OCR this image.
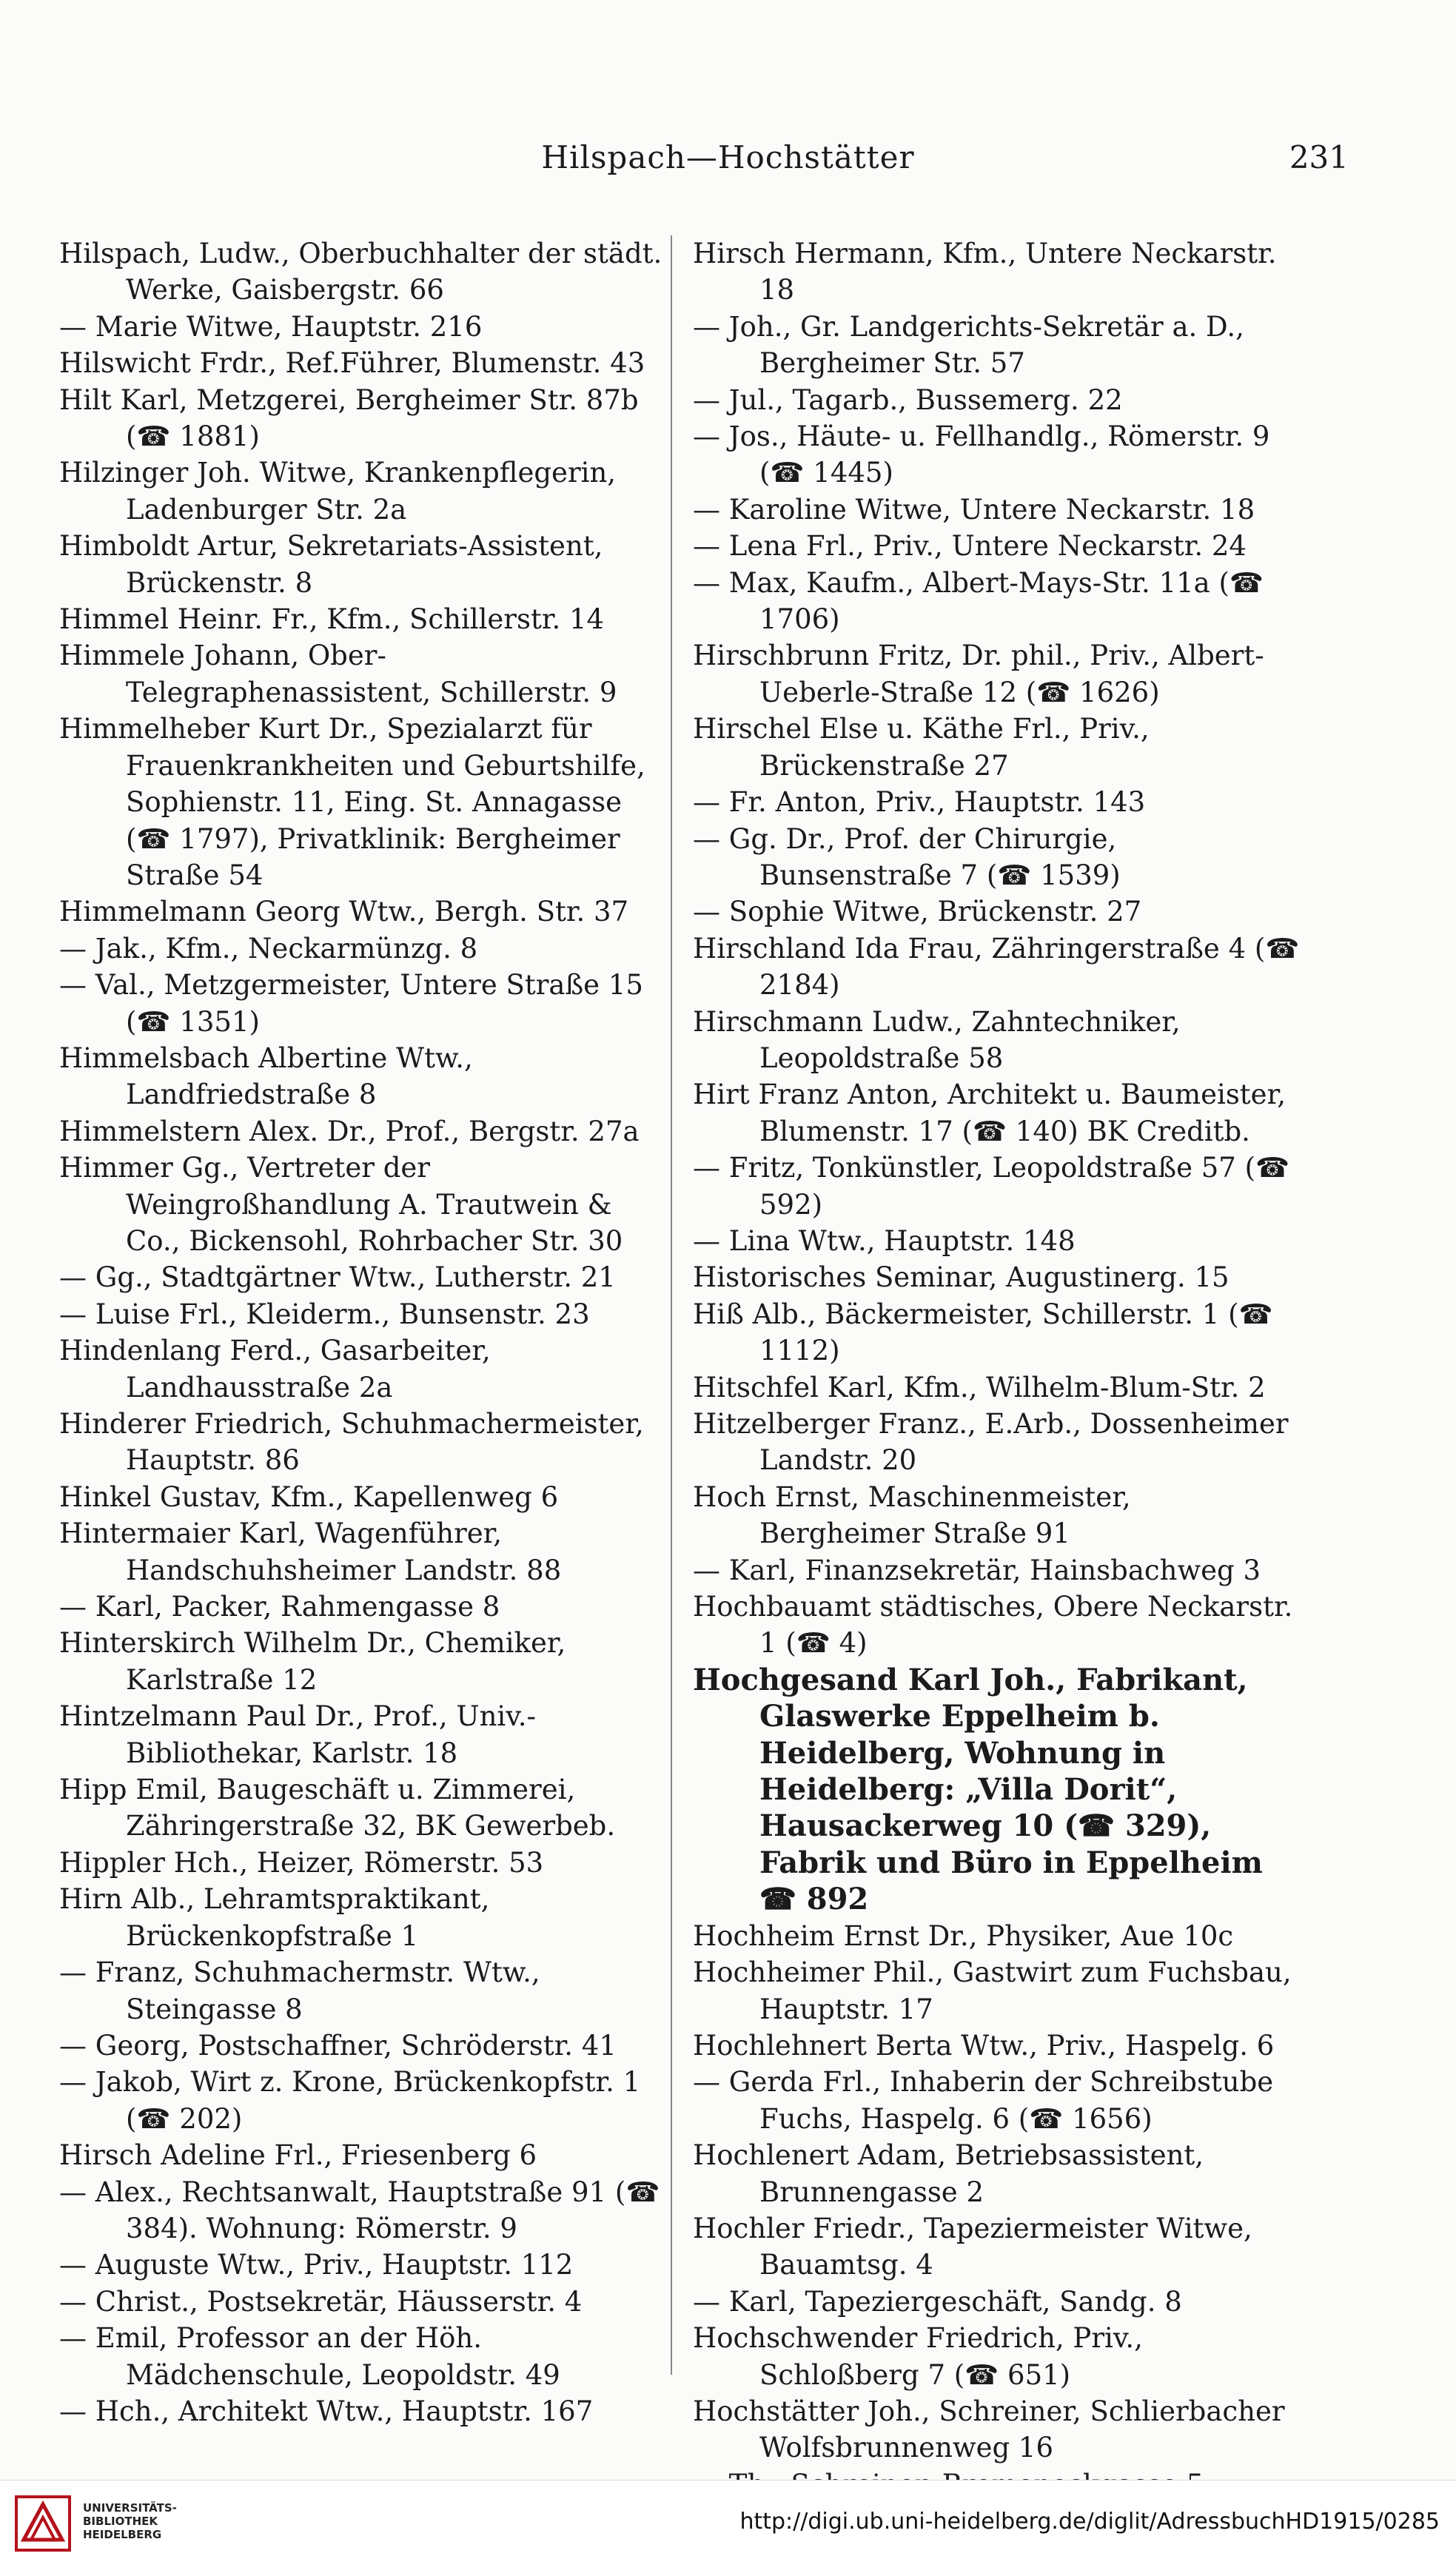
Hilspach—Hochstätter	231
Hilspach, Ludw., Oberbuchhalter der städt. Werke, Gaisbergstr. 66
— Marie Witwe, Hauptstr. 216
Hilswicht Frdr., Ref.Führer, Blumenstr. 43
Hilt Karl, Metzgerei, Bergheimer Str. 87b (☎ 1881)
Hilzinger Joh. Witwe, Krankenpflegerin, Ladenburger Str. 2a
Himboldt Artur, Sekretariats-Assistent, Brückenstr. 8
Himmel Heinr. Fr., Kfm., Schillerstr. 14
Himmele Johann, Ober-Telegraphenassistent, Schillerstr. 9
Himmelheber Kurt Dr., Spezialarzt für Frauenkrankheiten und Geburtshilfe, Sophienstr. 11, Eing. St. Annagasse (☎ 1797), Privatklinik: Bergheimer Straße 54
Himmelmann Georg Wtw., Bergh. Str. 37
— Jak., Kfm., Neckarmünzg. 8
— Val., Metzgermeister, Untere Straße 15 (☎ 1351)
Himmelsbach Albertine Wtw., Landfriedstraße 8
Himmelstern Alex. Dr., Prof., Bergstr. 27a
Himmer Gg., Vertreter der Weingroßhandlung A. Trautwein & Co., Bickensohl, Rohrbacher Str. 30
— Gg., Stadtgärtner Wtw., Lutherstr. 21
— Luise Frl., Kleiderm., Bunsenstr. 23
Hindenlang Ferd., Gasarbeiter, Landhausstraße 2a
Hinderer Friedrich, Schuhmachermeister, Hauptstr. 86
Hinkel Gustav, Kfm., Kapellenweg 6
Hintermaier Karl, Wagenführer, Handschuhsheimer Landstr. 88
— Karl, Packer, Rahmengasse 8
Hinterskirch Wilhelm Dr., Chemiker, Karlstraße 12
Hintzelmann Paul Dr., Prof., Univ.-Bibliothekar, Karlstr. 18
Hipp Emil, Baugeschäft u. Zimmerei, Zähringerstraße 32, BK Gewerbeb.
Hippler Hch., Heizer, Römerstr. 53
Hirn Alb., Lehramtspraktikant, Brückenkopfstraße 1
— Franz, Schuhmachermstr. Wtw., Steingasse 8
— Georg, Postschaffner, Schröderstr. 41
— Jakob, Wirt z. Krone, Brückenkopfstr. 1 (☎ 202)
Hirsch Adeline Frl., Friesenberg 6
— Alex., Rechtsanwalt, Hauptstraße 91 (☎ 384). Wohnung: Römerstr. 9
— Auguste Wtw., Priv., Hauptstr. 112
— Christ., Postsekretär, Häusserstr. 4
— Emil, Professor an der Höh. Mädchenschule, Leopoldstr. 49
— Hch., Architekt Wtw., Hauptstr. 167
Hirsch Hermann, Kfm., Untere Neckarstr. 18
— Joh., Gr. Landgerichts-Sekretär a. D., Bergheimer Str. 57
— Jul., Tagarb., Bussemerg. 22
— Jos., Häute- u. Fellhandlg., Römerstr. 9 (☎ 1445)
— Karoline Witwe, Untere Neckarstr. 18
— Lena Frl., Priv., Untere Neckarstr. 24
— Max, Kaufm., Albert-Mays-Str. 11a (☎ 1706)
Hirschbrunn Fritz, Dr. phil., Priv., Albert-Ueberle-Straße 12 (☎ 1626)
Hirschel Else u. Käthe Frl., Priv., Brückenstraße 27
— Fr. Anton, Priv., Hauptstr. 143
— Gg. Dr., Prof. der Chirurgie, Bunsenstraße 7 (☎ 1539)
— Sophie Witwe, Brückenstr. 27
Hirschland Ida Frau, Zähringerstraße 4 (☎ 2184)
Hirschmann Ludw., Zahntechniker, Leopoldstraße 58
Hirt Franz Anton, Architekt u. Baumeister, Blumenstr. 17 (☎ 140) BK Creditb.
— Fritz, Tonkünstler, Leopoldstraße 57 (☎ 592)
— Lina Wtw., Hauptstr. 148
Historisches Seminar, Augustinerg. 15
Hiß Alb., Bäckermeister, Schillerstr. 1 (☎ 1112)
Hitschfel Karl, Kfm., Wilhelm-Blum-Str. 2
Hitzelberger Franz., E.Arb., Dossenheimer Landstr. 20
Hoch Ernst, Maschinenmeister, Bergheimer Straße 91
— Karl, Finanzsekretär, Hainsbachweg 3
Hochbauamt städtisches, Obere Neckarstr. 1 (☎ 4)
Hochgesand Karl Joh., Fabrikant, Glaswerke Eppelheim b. Heidelberg, Wohnung in Heidelberg: „Villa Dorit“, Hausackerweg 10 (☎ 329), Fabrik und Büro in Eppelheim ☎ 892
Hochheim Ernst Dr., Physiker, Aue 10c
Hochheimer Phil., Gastwirt zum Fuchsbau, Hauptstr. 17
Hochlehnert Berta Wtw., Priv., Haspelg. 6
— Gerda Frl., Inhaberin der Schreibstube Fuchs, Haspelg. 6 (☎ 1656)
Hochlenert Adam, Betriebsassistent, Brunnengasse 2
Hochler Friedr., Tapeziermeister Witwe, Bauamtsg. 4
— Karl, Tapeziergeschäft, Sandg. 8
Hochschwender Friedrich, Priv., Schloßberg 7 (☎ 651)
Hochstätter Joh., Schreiner, Schlierbacher Wolfsbrunnenweg 16
UNIVERSITÄTS-
BIBLIOTHEK
HEIDELBERG	http://digi.ub.uni-heidelberg.de/diglit/AdressbuchHD1915/0285
